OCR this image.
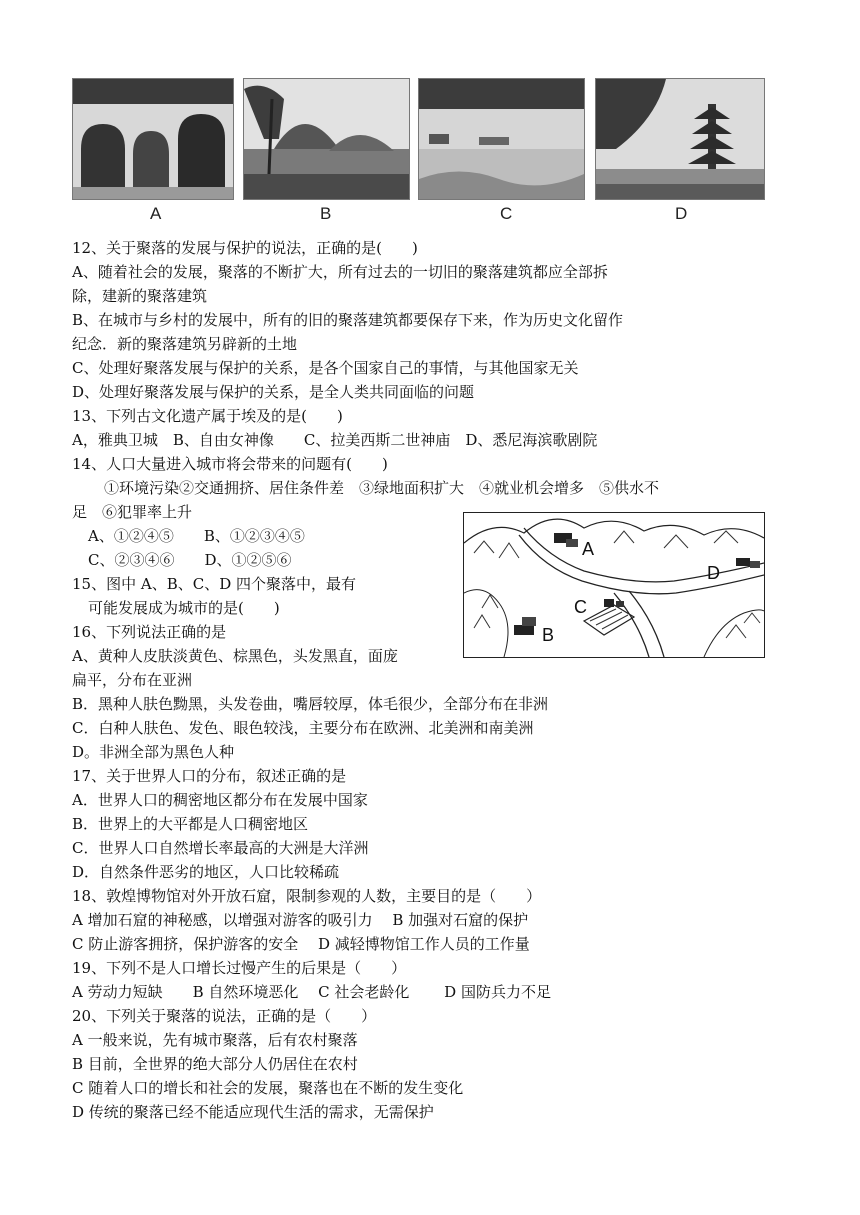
A	B	C	D
12、关于聚落的发展与保护的说法，正确的是(　　)
A、随着社会的发展，聚落的不断扩大，所有过去的一切旧的聚落建筑都应全部拆
除，建新的聚落建筑
B、在城市与乡村的发展中，所有的旧的聚落建筑都要保存下来，作为历史文化留作
纪念．新的聚落建筑另辟新的土地
C、处理好聚落发展与保护的关系，是各个国家自己的事情，与其他国家无关
D、处理好聚落发展与保护的关系，是全人类共同面临的问题
13、下列古文化遗产属于埃及的是(　　)
A，雅典卫城　B、自由女神像　　C、拉美西斯二世神庙　D、悉尼海滨歌剧院
14、人口大量进入城市将会带来的问题有(　　)
①环境污染②交通拥挤、居住条件差　③绿地面积扩大　④就业机会增多　⑤供水不
足　⑥犯罪率上升
A、①②④⑤　　B、①②③④⑤
C、②③④⑥　　D、①②⑤⑥
15、图中 A、B、C、D 四个聚落中，最有
可能发展成为城市的是(　　)
16、下列说法正确的是
A、黄种人皮肤淡黄色、棕黑色，头发黑直，面庞
扁平，分布在亚洲
B．黑种人肤色黝黑，头发卷曲，嘴唇较厚，体毛很少，全部分布在非洲
C．白种人肤色、发色、眼色较浅，主要分布在欧洲、北美洲和南美洲
D。非洲全部为黑色人种
17、关于世界人口的分布，叙述正确的是
A．世界人口的稠密地区都分布在发展中国家
B．世界上的大平都是人口稠密地区
C．世界人口自然增长率最高的大洲是大洋洲
D．自然条件恶劣的地区，人口比较稀疏
18、敦煌博物馆对外开放石窟，限制参观的人数，主要目的是（　　）
A 增加石窟的神秘感，以增强对游客的吸引力　 B 加强对石窟的保护
C 防止游客拥挤，保护游客的安全　 D 减轻博物馆工作人员的工作量
19、下列不是人口增长过慢产生的后果是（　　）
A 劳动力短缺　　B 自然环境恶化　 C 社会老龄化　　 D 国防兵力不足
20、下列关于聚落的说法，正确的是（　　）
A 一般来说，先有城市聚落，后有农村聚落
B 目前，全世界的绝大部分人仍居住在农村
C 随着人口的增长和社会的发展，聚落也在不断的发生变化
D 传统的聚落已经不能适应现代生活的需求，无需保护
A
B
C
D
